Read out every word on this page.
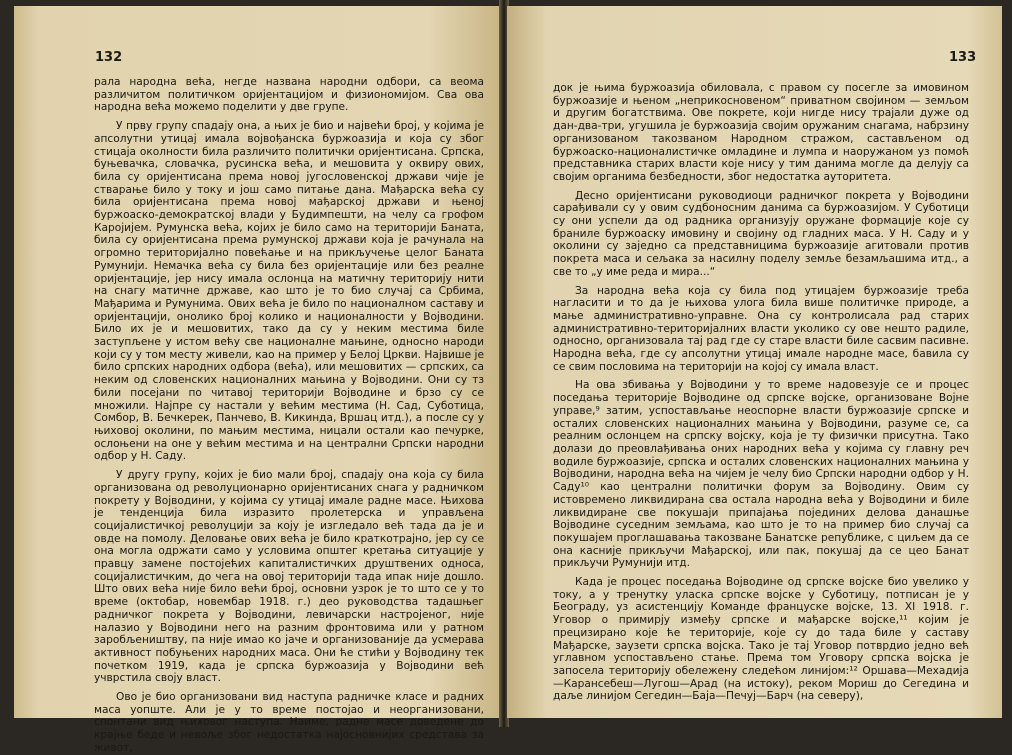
132

рала народна већа, негде названа народни одбори, са веома различитом политичком оријентацијом и физиономијом. Сва ова народна већа можемо поделити у две групе.

У прву групу спадају она, а њих је био и највећи број, у којима је апсолутни утицај имала војвођанска буржоазија и која су због стицаја околности била различито политички оријентисана. Српска, буњевачка, словачка, русинска већа, и мешовита у оквиру ових, била су оријентисана према новој југословенској држави чије је стварање било у току и још само питање дана. Мађарска већа су била оријентисана према новој мађарској држави и њеној буржоаско-демократској влади у Будимпешти, на челу са грофом Каројијем. Румунска већа, којих је било само на територији Баната, била су оријентисана према румунској држави која је рачунала на огромно територијално повећање и на прикључење целог Баната Румунији. Немачка већа су била без оријентације или без реалне оријентације, јер нису имала ослонца на матичну територију нити на снагу матичне државе, као што је то био случај са Србима, Мађарима и Румунима. Ових већа је било по националном саставу и оријентацији, онолико број колико и националности у Војводини. Било их је и мешовитих, тако да су у неким местима биле заступљене у истом већу све националне мањине, односно народи који су у том месту живели, као на пример у Белој Цркви. Највише је било српских народних одбора (већа), или мешовитих — српских, са неким од словенских националних мањина у Војводини. Они су тз били посејани по читавој територији Војводине и брзо су се множили. Најпре су настали у већим местима (Н. Сад, Суботица, Сомбор, В. Бечкерек, Панчево, В. Кикинда, Вршац итд.), а после су у њиховој околини, по мањим местима, ницали остали као печурке, ослоњени на оне у већим местима и на централни Српски народни одбор у Н. Саду.

У другу групу, којих је био мали број, спадају она која су била организована од револуционарно оријентисаних снага у радничком покрету у Војводини, у којима су утицај имале радне масе. Њихова је тенденција била изразито пролетерска и управљена социјалистичкој револуцији за коју је изгледало већ тада да је и овде на помолу. Деловање ових већа је било краткотрајно, јер су се она могла одржати само у условима општег кретања ситуације у правцу замене постојећих капиталистичких друштвених односа, социјалистичким, до чега на овој територији тада ипак није дошло. Што ових већа није било већи број, основни узрок је то што се у то време (октобар, новембар 1918. г.) део руководства тадашњег радничког покрета у Војводини, левичарски настројеног, није налазио у Војводини него на разним фронтовима или у ратном заробљеништву, па није имао ко јаче и организованије да усмерава активност побуњених народних маса. Они ће стићи у Војводину тек почетком 1919, када је српска буржоазија у Војводини већ учврстила своју власт.

Ово је био организовани вид наступа радничке класе и радних маса уопште. Али је у то време постојао и неорганизовани, спонтани вид њиховог наступа. Наиме, радне масе доведене до крајње беде и невоље због недостатка најосновнијих средстава за живот,

133

док је њима буржоазија обиловала, с правом су посегле за имовином буржоазије и њеном „неприкосновеном“ приватном својином — земљом и другим богатствима. Ове покрете, који нигде нису трајали дуже од дан-два-три, угушила је буржоазија својим оружаним снагама, набрзину организованом такозваном Народном стражом, састављеном од буржоаско-националистичке омладине и лумпа и наоружаном уз помоћ представника старих власти које нису у тим данима могле да делују са својим органима безбедности, због недостатка ауторитета.

Десно оријентисани руководиоци радничког покрета у Војводини сарађивали су у овим судбоносним данима са буржоазијом. У Суботици су они успели да од радника организују оружане формације које су браниле буржоаску имовину и својину од гладних маса. У Н. Саду и у околини су заједно са представницима буржоазије агитовали против покрета маса и сељака за насилну поделу земље безамљашима итд., а све то „у име реда и мира...“

За народна већа која су била под утицајем буржоазије треба нагласити и то да је њихова улога била више политичке природе, а мање административно-управне. Она су контролисала рад старих административно-територијалних власти уколико су ове нешто радиле, односно, организовала тај рад где су старе власти биле сасвим пасивне. Народна већа, где су апсолутни утицај имале народне масе, бавила су се свим пословима на територији на којој су имала власт.

На ова збивања у Војводини у то време надовезује се и процес поседања територије Војводине од српске војске, организоване Војне управе,⁹ затим, успостављање неоспорне власти буржоазије српске и осталих словенских националних мањина у Војводини, разуме се, са реалним ослонцем на српску војску, која је ту физички присутна. Тако долази до преовлађивања оних народних већа у којима су главну реч водиле буржоазије, српска и осталих словенских националних мањина у Војводини, народна већа на чијем је челу био Српски народни одбор у Н. Саду¹⁰ као централни политички форум за Војводину. Овим су истовремено ликвидирана сва остала народна већа у Војводини и биле ликвидиране све покушаји припајања појединих делова данашње Војводине суседним земљама, као што је то на пример био случај са покушајем проглашавања такозване Банатске републике, с циљем да се она касније прикључи Мађарској, или пак, покушај да се цео Банат прикључи Румунији итд.

Када је процес поседања Војводине од српске војске био увелико у току, а у тренутку уласка српске војске у Суботицу, потписан је у Београду, уз асистенцију Команде француске војске, 13. XI 1918. г. Уговор о примирју између српске и мађарске војске,¹¹ којим је прецизирано које ће територије, које су до тада биле у саставу Мађарске, заузети српска војска. Тако је тај Уговор потврдио једно већ углавном успостављено стање. Према том Уговору српска војска је запосела територију обележену следећом линијом:¹² Оршава—Мехадија—Карансебеш—Лугош—Арад (на истоку), реком Мориш до Сегедина и даље линијом Сегедин—Баја—Печуј—Барч (на северу),
